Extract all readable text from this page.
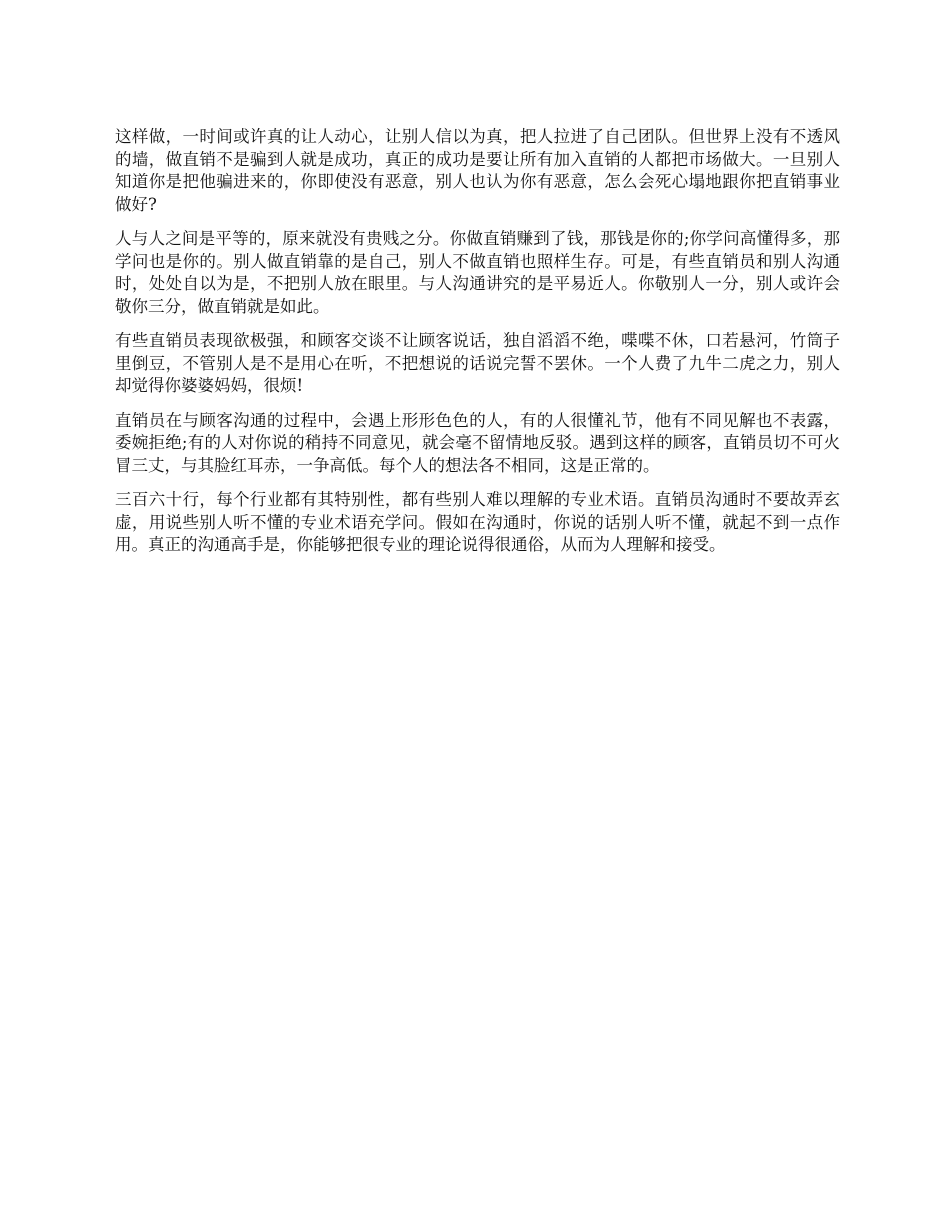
这样做，一时间或许真的让人动心，让别人信以为真，把人拉进了自己团队。但世界上没有不透风的墙，做直销不是骗到人就是成功，真正的成功是要让所有加入直销的人都把市场做大。一旦别人知道你是把他骗进来的，你即使没有恶意，别人也认为你有恶意，怎么会死心塌地跟你把直销事业做好?

人与人之间是平等的，原来就没有贵贱之分。你做直销赚到了钱，那钱是你的;你学问高懂得多，那学问也是你的。别人做直销靠的是自己，别人不做直销也照样生存。可是，有些直销员和别人沟通时，处处自以为是，不把别人放在眼里。与人沟通讲究的是平易近人。你敬别人一分，别人或许会敬你三分，做直销就是如此。

有些直销员表现欲极强，和顾客交谈不让顾客说话，独自滔滔不绝，喋喋不休，口若悬河，竹筒子里倒豆，不管别人是不是用心在听，不把想说的话说完誓不罢休。一个人费了九牛二虎之力，别人却觉得你婆婆妈妈，很烦!

直销员在与顾客沟通的过程中，会遇上形形色色的人，有的人很懂礼节，他有不同见解也不表露，委婉拒绝;有的人对你说的稍持不同意见，就会毫不留情地反驳。遇到这样的顾客，直销员切不可火冒三丈，与其脸红耳赤，一争高低。每个人的想法各不相同，这是正常的。

三百六十行，每个行业都有其特别性，都有些别人难以理解的专业术语。直销员沟通时不要故弄玄虚，用说些别人听不懂的专业术语充学问。假如在沟通时，你说的话别人听不懂，就起不到一点作用。真正的沟通高手是，你能够把很专业的理论说得很通俗，从而为人理解和接受。
